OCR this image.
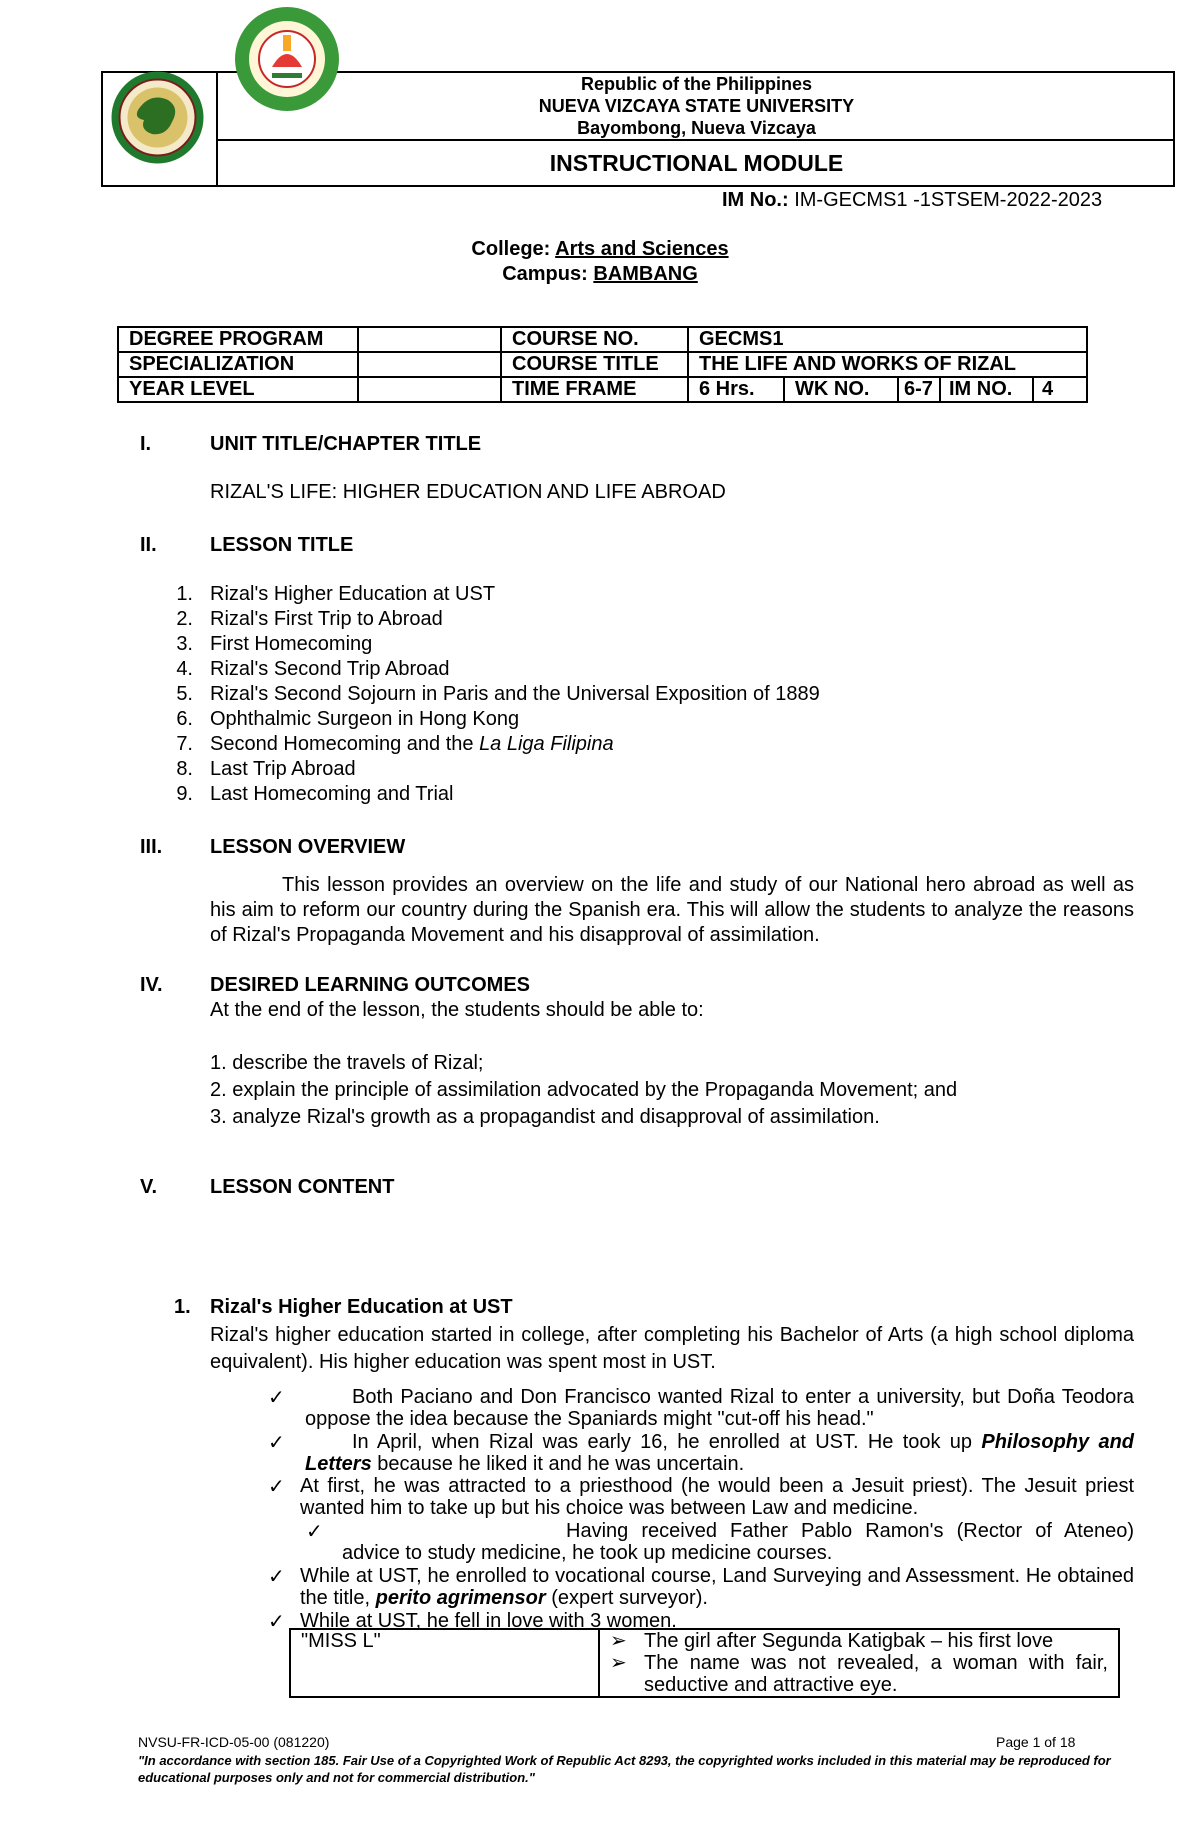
Republic of the Philippines
NUEVA VIZCAYA STATE UNIVERSITY
Bayombong, Nueva Vizcaya
INSTRUCTIONAL MODULE
IM No.: IM-GECMS1 -1STSEM-2022-2023
College: Arts and Sciences
Campus: BAMBANG
DEGREE PROGRAM		COURSE NO.	GECMS1				
SPECIALIZATION		COURSE TITLE	THE LIFE AND WORKS OF RIZAL				
YEAR LEVEL		TIME FRAME	6 Hrs.	WK NO.	6-7	IM NO.	4
I.	UNIT TITLE/CHAPTER TITLE
RIZAL'S LIFE: HIGHER EDUCATION AND LIFE ABROAD
II.	LESSON TITLE
1. Rizal's Higher Education at UST
2. Rizal's First Trip to Abroad
3. First Homecoming
4. Rizal's Second Trip Abroad
5. Rizal's Second Sojourn in Paris and the Universal Exposition of 1889
6. Ophthalmic Surgeon in Hong Kong
7. Second Homecoming and the La Liga Filipina
8. Last Trip Abroad
9. Last Homecoming and Trial
III. LESSON OVERVIEW
This lesson provides an overview on the life and study of our National hero abroad as well as his aim to reform our country during the Spanish era. This will allow the students to analyze the reasons of Rizal's Propaganda Movement and his disapproval of assimilation.
IV. DESIRED LEARNING OUTCOMES
At the end of the lesson, the students should be able to:
1. describe the travels of Rizal;
2. explain the principle of assimilation advocated by the Propaganda Movement; and
3. analyze Rizal's growth as a propagandist and disapproval of assimilation.
V.	LESSON CONTENT
1. Rizal's Higher Education at UST
Rizal's higher education started in college, after completing his Bachelor of Arts (a high school diploma equivalent). His higher education was spent most in UST.
✓	Both Paciano and Don Francisco wanted Rizal to enter a university, but Doña Teodora oppose the idea because the Spaniards might "cut-off his head."
✓	In April, when Rizal was early 16, he enrolled at UST. He took up Philosophy and Letters because he liked it and he was uncertain.
✓ At first, he was attracted to a priesthood (he would been a Jesuit priest). The Jesuit priest wanted him to take up but his choice was between Law and medicine.
✓	Having received Father Pablo Ramon's (Rector of Ateneo) advice to study medicine, he took up medicine courses.
✓ While at UST, he enrolled to vocational course, Land Surveying and Assessment. He obtained the title, perito agrimensor (expert surveyor).
✓ While at UST, he fell in love with 3 women.
"MISS L"	➢ The girl after Segunda Katigbak – his first love
➢ The name was not revealed, a woman with fair, seductive and attractive eye.
NVSU-FR-ICD-05-00 (081220)	Page 1 of 18
"In accordance with section 185. Fair Use of a Copyrighted Work of Republic Act 8293, the copyrighted works included in this material may be reproduced for educational purposes only and not for commercial distribution."
